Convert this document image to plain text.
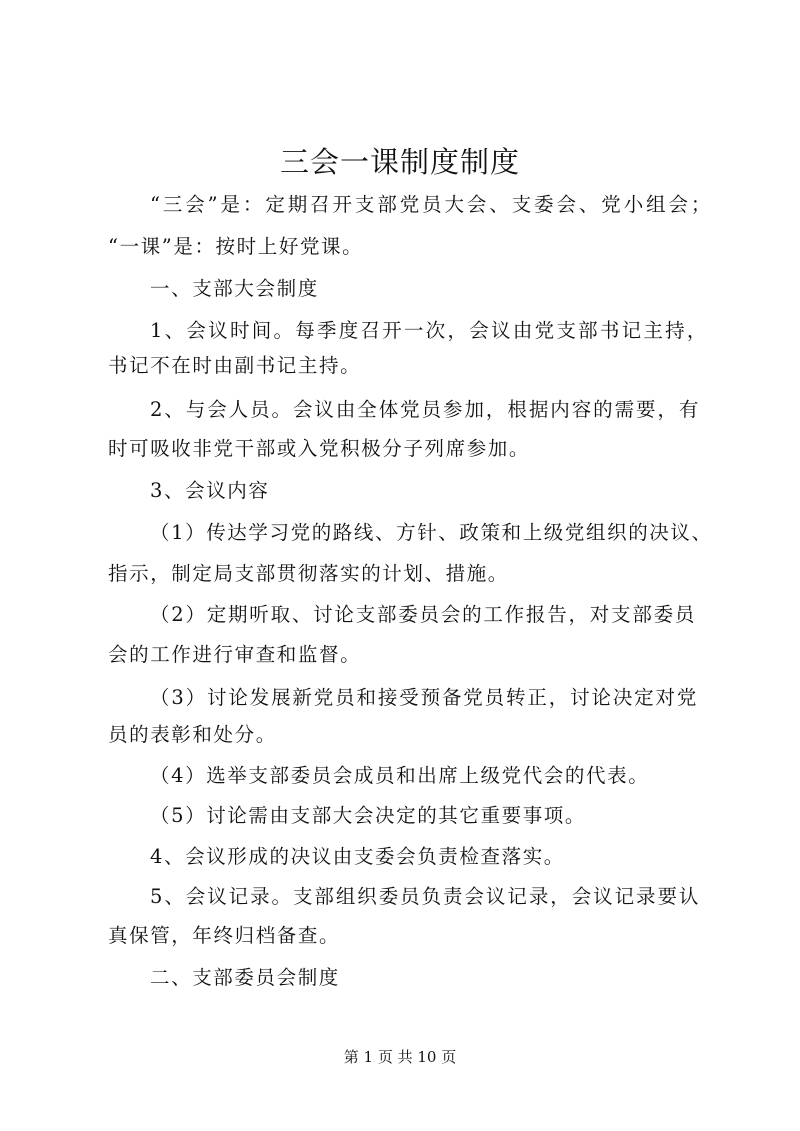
三会一课制度制度
“三会”是：定期召开支部党员大会、支委会、党小组会；
“一课”是：按时上好党课。
一、支部大会制度
1、会议时间。每季度召开一次，会议由党支部书记主持，
书记不在时由副书记主持。
2、与会人员。会议由全体党员参加，根据内容的需要，有
时可吸收非党干部或入党积极分子列席参加。
3、会议内容
（1）传达学习党的路线、方针、政策和上级党组织的决议、
指示，制定局支部贯彻落实的计划、措施。
（2）定期听取、讨论支部委员会的工作报告，对支部委员
会的工作进行审查和监督。
（3）讨论发展新党员和接受预备党员转正，讨论决定对党
员的表彰和处分。
（4）选举支部委员会成员和出席上级党代会的代表。
（5）讨论需由支部大会决定的其它重要事项。
4、会议形成的决议由支委会负责检查落实。
5、会议记录。支部组织委员负责会议记录，会议记录要认
真保管，年终归档备查。
二、支部委员会制度
第 1 页 共 10 页
